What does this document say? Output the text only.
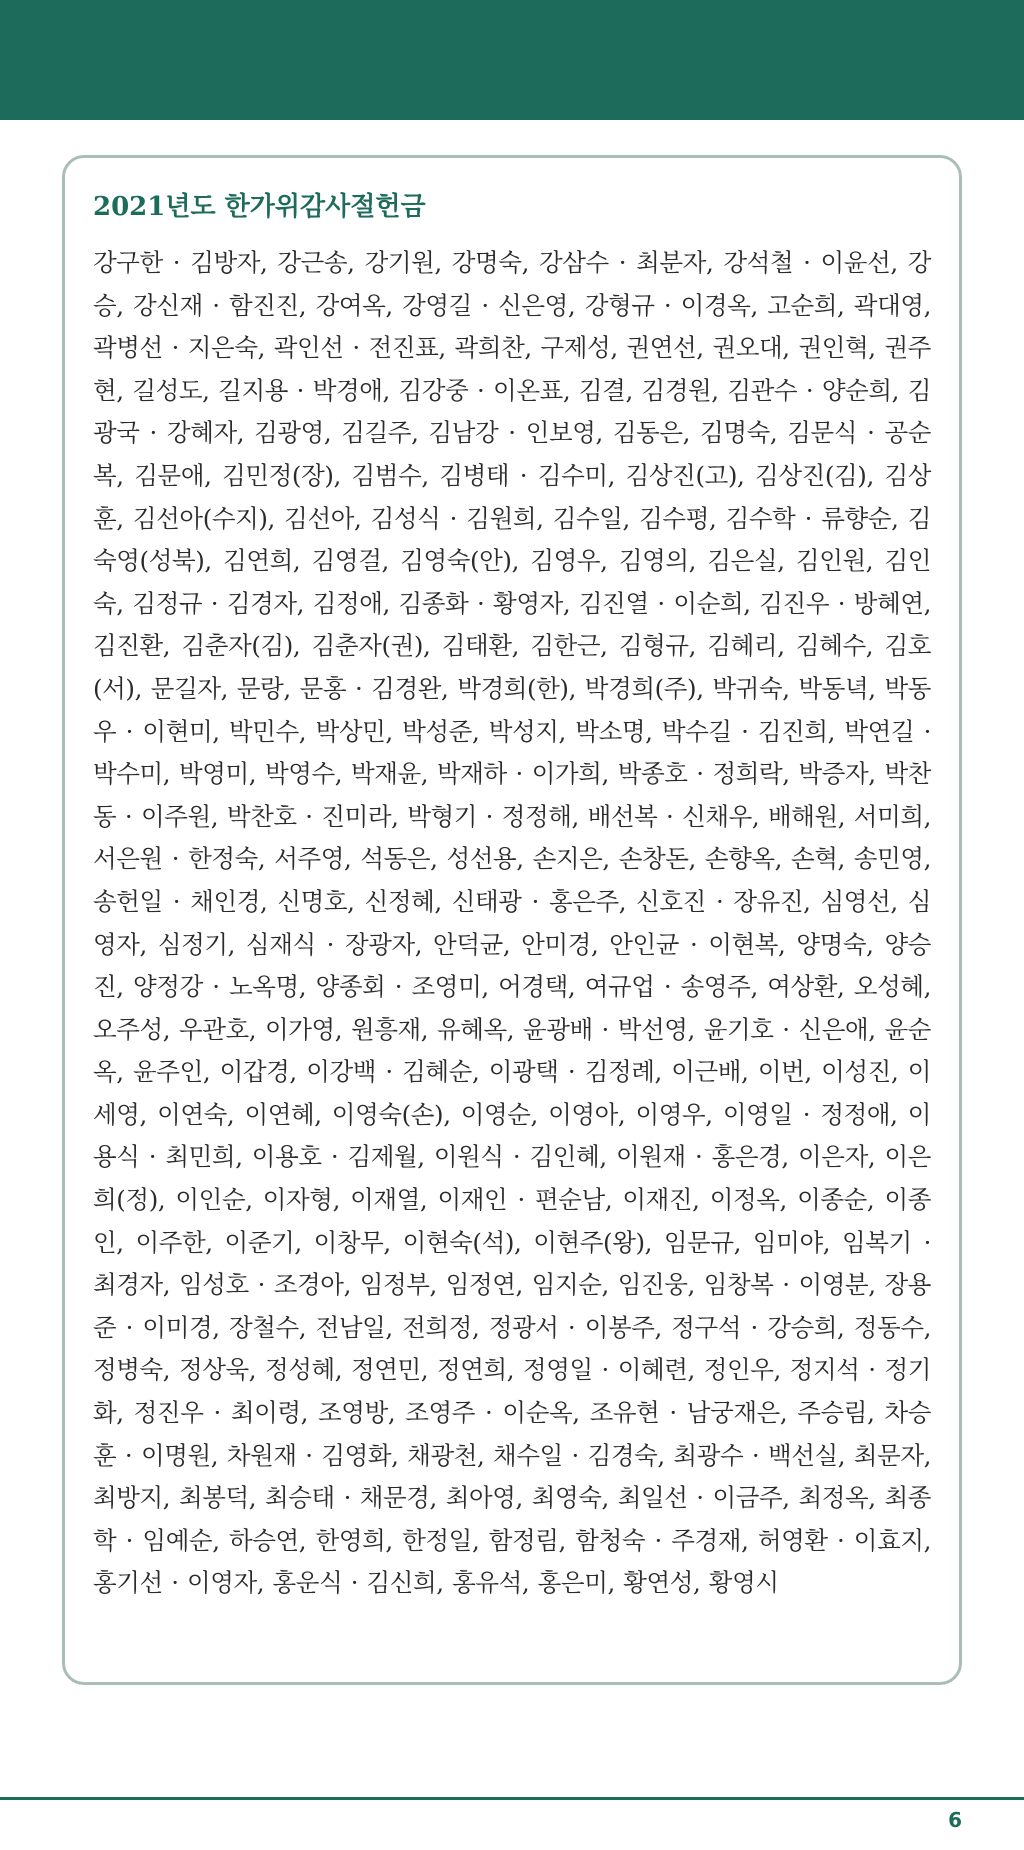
2021년도 한가위감사절헌금

강구한 · 김방자, 강근송, 강기원, 강명숙, 강삼수 · 최분자, 강석철 · 이윤선, 강승, 강신재 · 함진진, 강여옥, 강영길 · 신은영, 강형규 · 이경옥, 고순희, 곽대영, 곽병선 · 지은숙, 곽인선 · 전진표, 곽희찬, 구제성, 권연선, 권오대, 권인혁, 권주현, 길성도, 길지용 · 박경애, 김강중 · 이온표, 김결, 김경원, 김관수 · 양순희, 김광국 · 강혜자, 김광영, 김길주, 김남강 · 인보영, 김동은, 김명숙, 김문식 · 공순복, 김문애, 김민정(장), 김범수, 김병태 · 김수미, 김상진(고), 김상진(김), 김상훈, 김선아(수지), 김선아, 김성식 · 김원희, 김수일, 김수평, 김수학 · 류향순, 김숙영(성북), 김연희, 김영걸, 김영숙(안), 김영우, 김영의, 김은실, 김인원, 김인숙, 김정규 · 김경자, 김정애, 김종화 · 황영자, 김진열 · 이순희, 김진우 · 방혜연, 김진환, 김춘자(김), 김춘자(권), 김태환, 김한근, 김형규, 김혜리, 김혜수, 김호(서), 문길자, 문랑, 문홍 · 김경완, 박경희(한), 박경희(주), 박귀숙, 박동녁, 박동우 · 이현미, 박민수, 박상민, 박성준, 박성지, 박소명, 박수길 · 김진희, 박연길 · 박수미, 박영미, 박영수, 박재윤, 박재하 · 이가희, 박종호 · 정희락, 박증자, 박찬동 · 이주원, 박찬호 · 진미라, 박형기 · 정정해, 배선복 · 신채우, 배해원, 서미희, 서은원 · 한정숙, 서주영, 석동은, 성선용, 손지은, 손창돈, 손향옥, 손혁, 송민영, 송헌일 · 채인경, 신명호, 신정혜, 신태광 · 홍은주, 신호진 · 장유진, 심영선, 심영자, 심정기, 심재식 · 장광자, 안덕균, 안미경, 안인균 · 이현복, 양명숙, 양승진, 양정강 · 노옥명, 양종회 · 조영미, 어경택, 여규업 · 송영주, 여상환, 오성혜, 오주성, 우관호, 이가영, 원흥재, 유혜옥, 윤광배 · 박선영, 윤기호 · 신은애, 윤순옥, 윤주인, 이갑경, 이강백 · 김혜순, 이광택 · 김정례, 이근배, 이번, 이성진, 이세영, 이연숙, 이연혜, 이영숙(손), 이영순, 이영아, 이영우, 이영일 · 정정애, 이용식 · 최민희, 이용호 · 김제월, 이원식 · 김인혜, 이원재 · 홍은경, 이은자, 이은희(정), 이인순, 이자형, 이재열, 이재인 · 편순남, 이재진, 이정옥, 이종순, 이종인, 이주한, 이준기, 이창무, 이현숙(석), 이현주(왕), 임문규, 임미야, 임복기 · 최경자, 임성호 · 조경아, 임정부, 임정연, 임지순, 임진웅, 임창복 · 이영분, 장용준 · 이미경, 장철수, 전남일, 전희정, 정광서 · 이봉주, 정구석 · 강승희, 정동수, 정병숙, 정상욱, 정성혜, 정연민, 정연희, 정영일 · 이혜련, 정인우, 정지석 · 정기화, 정진우 · 최이령, 조영방, 조영주 · 이순옥, 조유현 · 남궁재은, 주승림, 차승훈 · 이명원, 차원재 · 김영화, 채광천, 채수일 · 김경숙, 최광수 · 백선실, 최문자, 최방지, 최봉덕, 최승태 · 채문경, 최아영, 최영숙, 최일선 · 이금주, 최정옥, 최종학 · 임예순, 하승연, 한영희, 한정일, 함정림, 함청숙 · 주경재, 허영환 · 이효지, 홍기선 · 이영자, 홍운식 · 김신희, 홍유석, 홍은미, 황연성, 황영시

6
